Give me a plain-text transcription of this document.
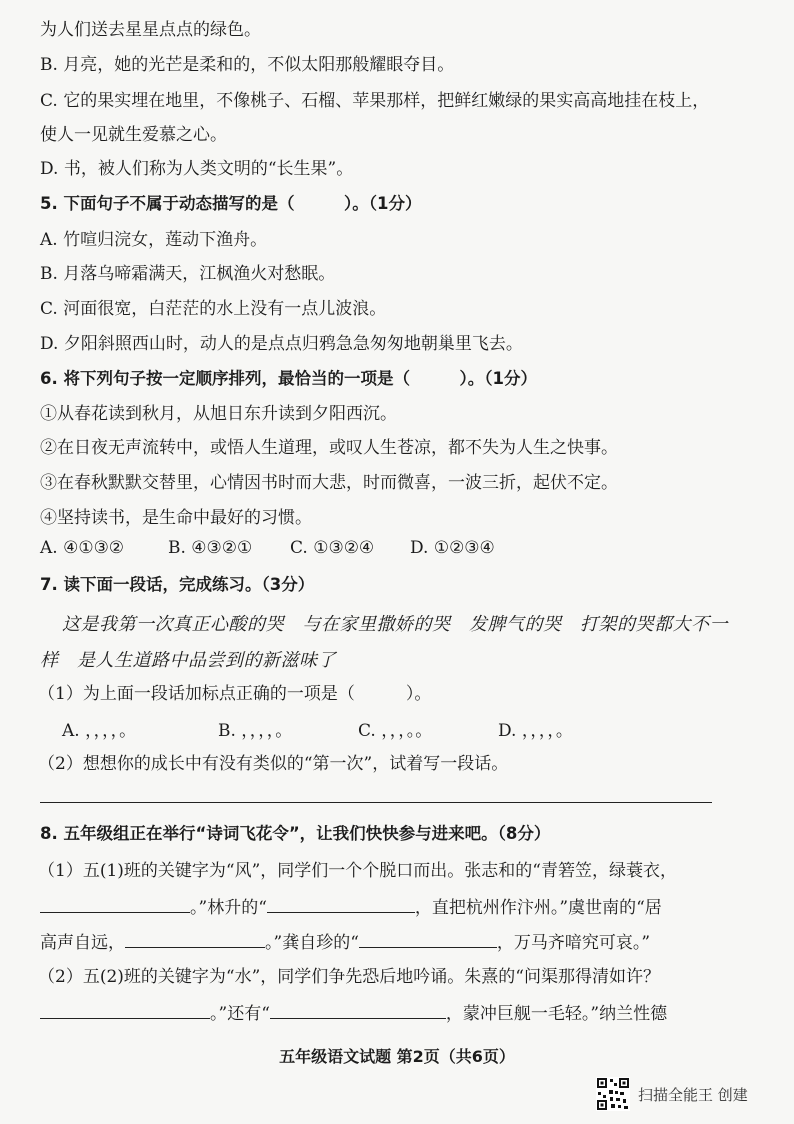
为人们送去星星点点的绿色。
B. 月亮，她的光芒是柔和的，不似太阳那般耀眼夺目。
C. 它的果实埋在地里，不像桃子、石榴、苹果那样，把鲜红嫩绿的果实高高地挂在枝上，
使人一见就生爱慕之心。
D. 书，被人们称为人类文明的“长生果”。
5. 下面句子不属于动态描写的是（　　　）。（1分）
A. 竹喧归浣女，莲动下渔舟。
B. 月落乌啼霜满天，江枫渔火对愁眠。
C. 河面很宽，白茫茫的水上没有一点儿波浪。
D. 夕阳斜照西山时，动人的是点点归鸦急急匆匆地朝巢里飞去。
6. 将下列句子按一定顺序排列，最恰当的一项是（　　　）。（1分）
①从春花读到秋月，从旭日东升读到夕阳西沉。
②在日夜无声流转中，或悟人生道理，或叹人生苍凉，都不失为人生之快事。
③在春秋默默交替里，心情因书时而大悲，时而微喜，一波三折，起伏不定。
④坚持读书，是生命中最好的习惯。
A. ④①③②	B. ④③②① C. ①③②④ D. ①②③④
7. 读下面一段话，完成练习。（3分）
这是我第一次真正心酸的哭　与在家里撒娇的哭　发脾气的哭　打架的哭都大不一
样　是人生道路中品尝到的新滋味了
（1）为上面一段话加标点正确的一项是（　　　）。
A. ，，，，。	B. ，，，，。	C. ，，，。。	D. ，，，，。
（2）想想你的成长中有没有类似的“第一次”，试着写一段话。
8. 五年级组正在举行“诗词飞花令”，让我们快快参与进来吧。（8分）
（1）五(1)班的关键字为“风”，同学们一个个脱口而出。张志和的“青箬笠，绿蓑衣，
。”林升的“	，直把杭州作汴州。”虞世南的“居
高声自远，	。”龚自珍的“	，万马齐喑究可哀。”
（2）五(2)班的关键字为“水”，同学们争先恐后地吟诵。朱熹的“问渠那得清如许？
。”还有“	，蒙冲巨舰一毛轻。”纳兰性德
五年级语文试题 第2页（共6页）
扫描全能王 创建
